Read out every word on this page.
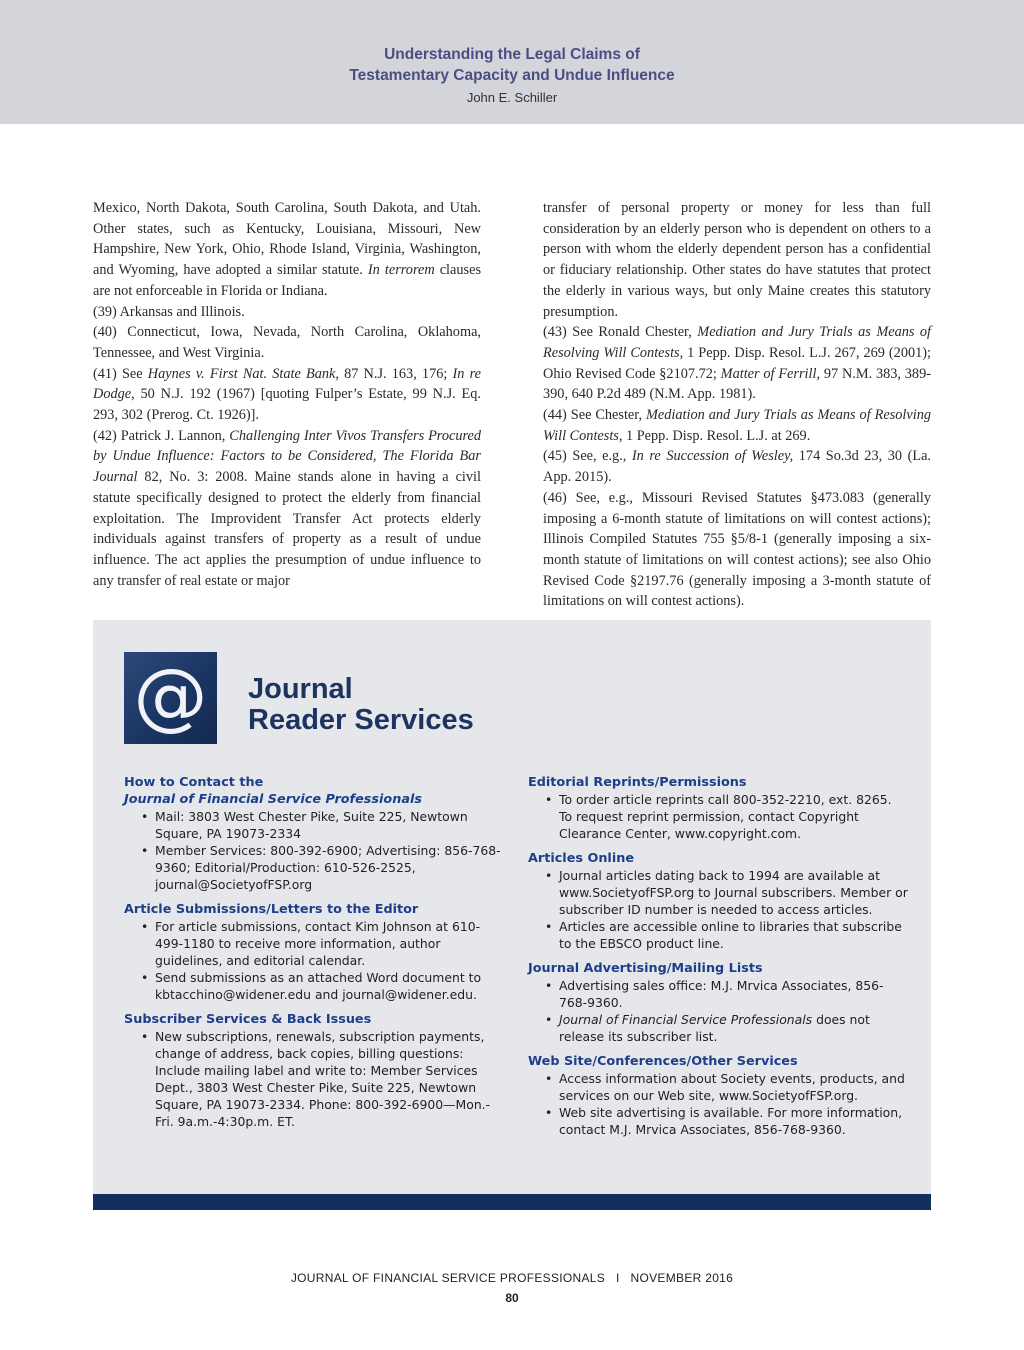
Understanding the Legal Claims of
Testamentary Capacity and Undue Influence
John E. Schiller

Mexico, North Dakota, South Carolina, South Dakota, and Utah. Other states, such as Kentucky, Louisiana, Missouri, New Hampshire, New York, Ohio, Rhode Island, Virginia, Washington, and Wyoming, have adopted a similar statute. In terrorem clauses are not enforceable in Florida or Indiana.

(39) Arkansas and Illinois.

(40) Connecticut, Iowa, Nevada, North Carolina, Oklahoma, Tennessee, and West Virginia.

(41) See Haynes v. First Nat. State Bank, 87 N.J. 163, 176; In re Dodge, 50 N.J. 192 (1967) [quoting Fulper’s Estate, 99 N.J. Eq. 293, 302 (Prerog. Ct. 1926)].

(42) Patrick J. Lannon, Challenging Inter Vivos Transfers Procured by Undue Influence: Factors to be Considered, The Florida Bar Journal 82, No. 3: 2008. Maine stands alone in having a civil statute specifically designed to protect the elderly from financial exploitation. The Improvident Transfer Act protects elderly individuals against transfers of property as a result of undue influence. The act applies the presumption of undue influence to any transfer of real estate or major

transfer of personal property or money for less than full consideration by an elderly person who is dependent on others to a person with whom the elderly dependent person has a confidential or fiduciary relationship. Other states do have statutes that protect the elderly in various ways, but only Maine creates this statutory presumption.

(43) See Ronald Chester, Mediation and Jury Trials as Means of Resolving Will Contests, 1 Pepp. Disp. Resol. L.J. 267, 269 (2001); Ohio Revised Code §2107.72; Matter of Ferrill, 97 N.M. 383, 389-390, 640 P.2d 489 (N.M. App. 1981).

(44) See Chester, Mediation and Jury Trials as Means of Resolving Will Contests, 1 Pepp. Disp. Resol. L.J. at 269.

(45) See, e.g., In re Succession of Wesley, 174 So.3d 23, 30 (La. App. 2015).

(46) See, e.g., Missouri Revised Statutes §473.083 (generally imposing a 6-month statute of limitations on will contest actions); Illinois Compiled Statutes 755 §5/8-1 (generally imposing a six-month statute of limitations on will contest actions); see also Ohio Revised Code §2197.76 (generally imposing a 3-month statute of limitations on will contest actions).

@	Journal
Reader Services
How to Contact the
Journal of Financial Service Professionals
• Mail: 3803 West Chester Pike, Suite 225, Newtown Square, PA 19073-2334
• Member Services: 800-392-6900; Advertising: 856-768-9360; Editorial/Production: 610-526-2525, journal@SocietyofFSP.org
Article Submissions/Letters to the Editor
• For article submissions, contact Kim Johnson at 610-499-1180 to receive more information, author guidelines, and editorial calendar.
• Send submissions as an attached Word document to kbtacchino@widener.edu and journal@widener.edu.
Subscriber Services & Back Issues
• New subscriptions, renewals, subscription payments, change of address, back copies, billing questions: Include mailing label and write to: Member Services Dept., 3803 West Chester Pike, Suite 225, Newtown Square, PA 19073-2334. Phone: 800-392-6900—Mon.-Fri. 9a.m.-4:30p.m. ET.
Editorial Reprints/Permissions
• To order article reprints call 800-352-2210, ext. 8265. To request reprint permission, contact Copyright Clearance Center, www.copyright.com.
Articles Online
• Journal articles dating back to 1994 are available at www.SocietyofFSP.org to Journal subscribers. Member or subscriber ID number is needed to access articles.
• Articles are accessible online to libraries that subscribe to the EBSCO product line.
Journal Advertising/Mailing Lists
• Advertising sales office: M.J. Mrvica Associates, 856-768-9360.
• Journal of Financial Service Professionals does not release its subscriber list.
Web Site/Conferences/Other Services
• Access information about Society events, products, and services on our Web site, www.SocietyofFSP.org.
• Web site advertising is available. For more information, contact M.J. Mrvica Associates, 856-768-9360.
JOURNAL OF FINANCIAL SERVICE PROFESSIONALS   I   NOVEMBER 2016
80
